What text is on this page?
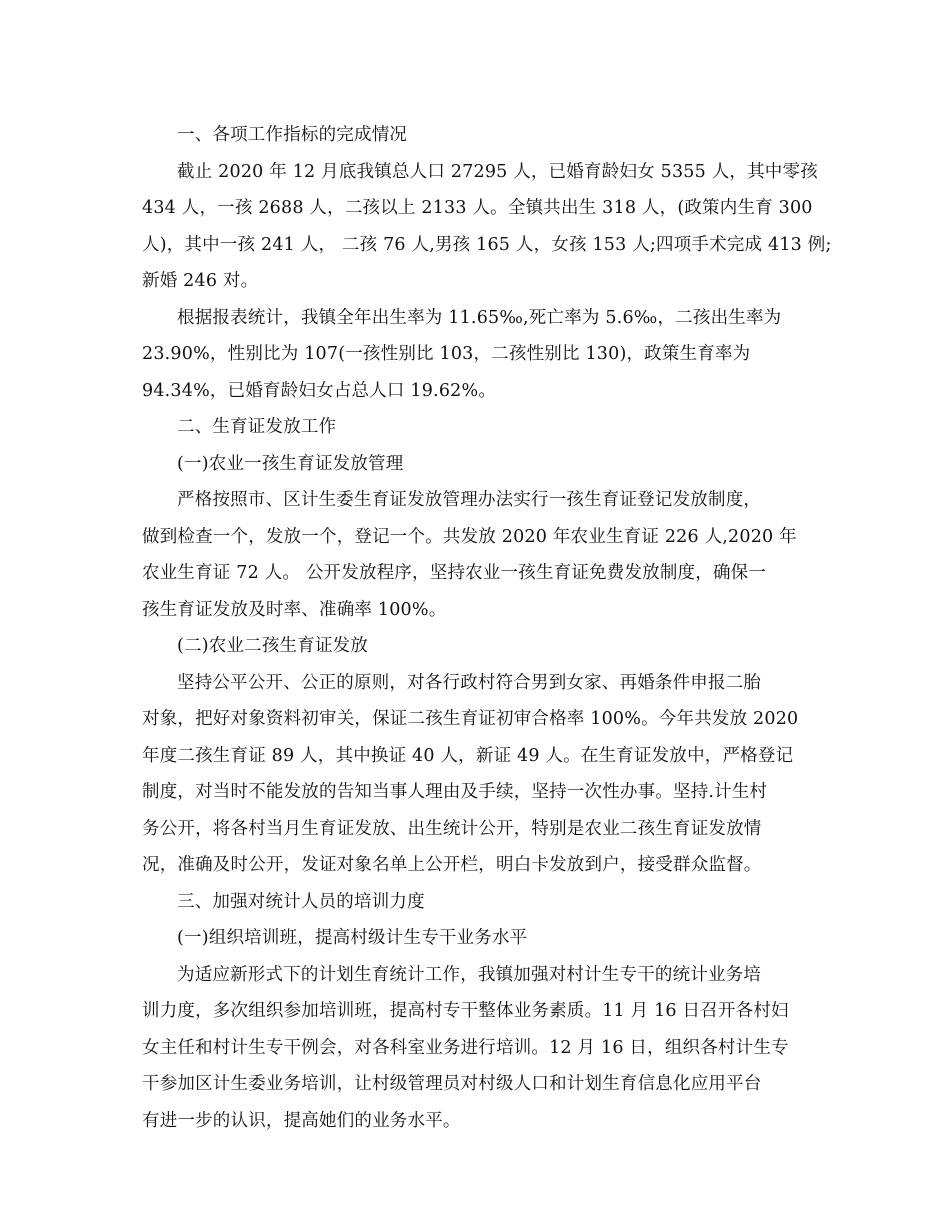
一、各项工作指标的完成情况
截止 2020 年 12 月底我镇总人口 27295 人，已婚育龄妇女 5355 人，其中零孩
434 人，一孩 2688 人，二孩以上 2133 人。全镇共出生 318 人，(政策内生育 300
人)，其中一孩 241 人， 二孩 76 人,男孩 165 人，女孩 153 人;四项手术完成 413 例;
新婚 246 对。
根据报表统计，我镇全年出生率为 11.65‰,死亡率为 5.6‰，二孩出生率为
23.90%，性别比为 107(一孩性别比 103，二孩性别比 130)，政策生育率为
94.34%，已婚育龄妇女占总人口 19.62%。
二、生育证发放工作
(一)农业一孩生育证发放管理
严格按照市、区计生委生育证发放管理办法实行一孩生育证登记发放制度，
做到检查一个，发放一个，登记一个。共发放 2020 年农业生育证 226 人,2020 年
农业生育证 72 人。 公开发放程序，坚持农业一孩生育证免费发放制度，确保一
孩生育证发放及时率、准确率 100%。
(二)农业二孩生育证发放
坚持公平公开、公正的原则，对各行政村符合男到女家、再婚条件申报二胎
对象，把好对象资料初审关，保证二孩生育证初审合格率 100%。今年共发放 2020
年度二孩生育证 89 人，其中换证 40 人，新证 49 人。在生育证发放中，严格登记
制度，对当时不能发放的告知当事人理由及手续，坚持一次性办事。坚持.计生村
务公开，将各村当月生育证发放、出生统计公开，特别是农业二孩生育证发放情
况，准确及时公开，发证对象名单上公开栏，明白卡发放到户，接受群众监督。
三、加强对统计人员的培训力度
(一)组织培训班，提高村级计生专干业务水平
为适应新形式下的计划生育统计工作，我镇加强对村计生专干的统计业务培
训力度，多次组织参加培训班，提高村专干整体业务素质。11 月 16 日召开各村妇
女主任和村计生专干例会，对各科室业务进行培训。12 月 16 日，组织各村计生专
干参加区计生委业务培训，让村级管理员对村级人口和计划生育信息化应用平台
有进一步的认识，提高她们的业务水平。
